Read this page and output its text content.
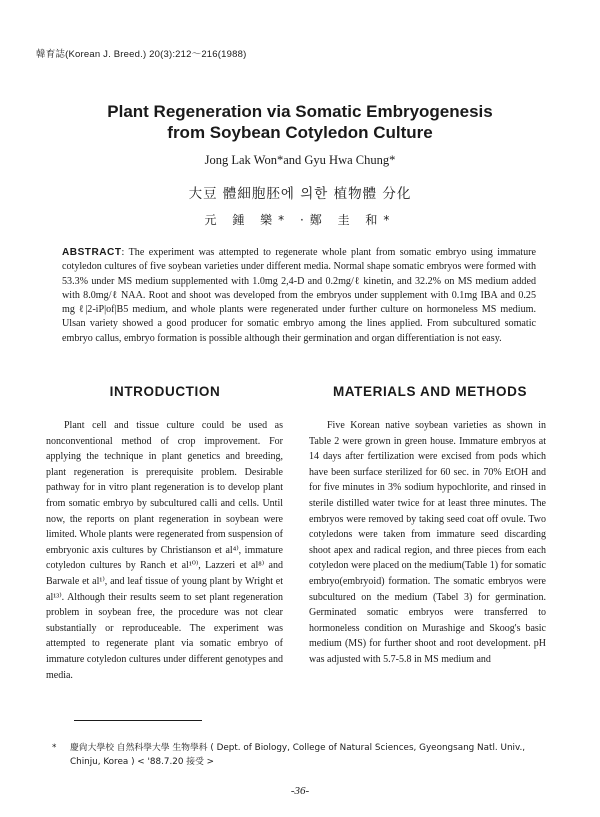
韓育誌(Korean J. Breed.) 20(3):212～216(1988)
Plant Regeneration via Somatic Embryogenesis
from Soybean Cotyledon Culture
Jong Lak Won*and Gyu Hwa Chung*
大豆 體細胞胚에 의한 植物體 分化
元 鍾 樂* ·鄭 圭 和*
ABSTRACT: The experiment was attempted to regenerate whole plant from somatic embryo using immature cotyledon cultures of five soybean varieties under different media. Normal shape somatic embryos were formed with 53.3% under MS medium supplemented with 1.0mg 2,4-D and 0.2mg/ℓ kinetin, and 32.2% on MS medium added with 8.0mg/ℓ NAA. Root and shoot was developed from the embryos under supplement with 0.1mg IBA and 0.25 mg ℓ|2-iP|of|B5 medium, and whole plants were regenerated under further culture on hormoneless MS medium. Ulsan variety showed a good producer for somatic embryo among the lines applied. From subcultured somatic embryo callus, embryo formation is possible although their germination and organ differentiation is not easy.
INTRODUCTION	MATERIALS AND METHODS
Plant cell and tissue culture could be used as nonconventional method of crop improvement. For applying the technique in plant genetics and breeding, plant regeneration is prerequisite problem. Desirable pathway for in vitro plant regeneration is to develop plant from somatic embryo by subcultured calli and cells. Until now, the reports on plant regeneration in soybean were limited. Whole plants were regenerated from suspension of embryonic axis cultures by Christianson et al⁴⁾, immature cotyledon cultures by Ranch et al¹⁰⁾, Lazzeri et al⁸⁾ and Barwale et al¹⁾, and leaf tissue of young plant by Wright et al¹³⁾. Although their results seem to set plant regeneration problem in soybean free, the procedure was not clear substantially or reproduceable. The experiment was attempted to regenerate plant via somatic embryo of immature cotyledon cultures under different genotypes and media.
Five Korean native soybean varieties as shown in Table 2 were grown in green house. Immature embryos at 14 days after fertilization were excised from pods which have been surface sterilized for 60 sec. in 70% EtOH and for five minutes in 3% sodium hypochlorite, and rinsed in sterile distilled water twice for at least three minutes. The embryos were removed by taking seed coat off ovule. Two cotyledons were taken from immature seed discarding shoot apex and radical region, and three pieces from each cotyledon were placed on the medium(Table 1) for somatic embryo(embryoid) formation. The somatic embryos were subcultured on the medium (Tabel 3) for germination. Germinated somatic embryos were transferred to hormoneless condition on Murashige and Skoog's basic medium (MS) for further shoot and root development. pH was adjusted with 5.7-5.8 in MS medium and
* 慶尙大學校 自然科學大學 生物學科 ( Dept. of Biology, College of Natural Sciences, Gyeongsang Natl. Univ.,
Chinju, Korea ) < '88.7.20 接受 >
-36-
